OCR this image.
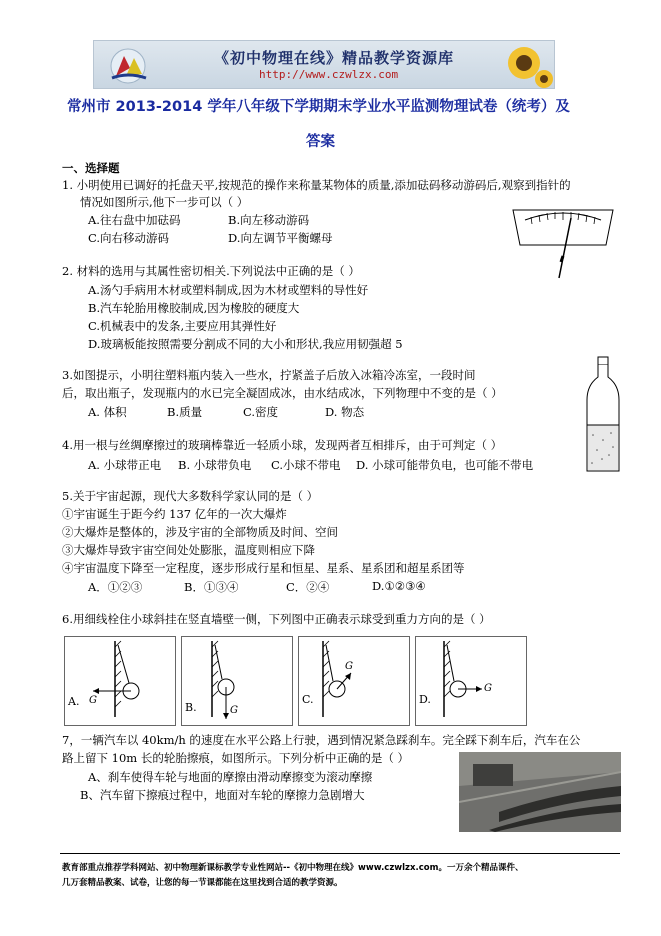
《初中物理在线》精品教学资源库
http://www.czwlzx.com
常州市 2013-2014 学年八年级下学期期末学业水平监测物理试卷（统考）及
答案
一、选择题
1. 小明使用已调好的托盘天平,按规范的操作来称量某物体的质量,添加砝码移动游码后,观察到指针的
情况如图所示,他下一步可以（ ）
A.往右盘中加砝码	B.向左移动游码
C.向右移动游码	D.向左调节平衡螺母
2. 材料的选用与其属性密切相关.下列说法中正确的是（ ）
A.汤勺手病用木材或塑料制成,因为木材或塑料的导性好
B.汽车轮胎用橡胶制成,因为橡胶的硬度大
C.机械表中的发条,主要应用其弹性好
D.玻璃板能按照需要分割成不同的大小和形状,我应用韧强超 5
3.如图提示，小明往塑料瓶内装入一些水，拧紧盖子后放入冰箱冷冻室，一段时间
后，取出瓶子，发现瓶内的水已完全凝固成冰，由水结成冰，下列物理中不变的是（ ）
A. 体积	B.质量	C.密度	D. 物态
4.用一根与丝绸摩擦过的玻璃棒靠近一轻质小球，发现两者互相排斥，由于可判定（ ）
A. 小球带正电 B. 小球带负电 C.小球不带电 D. 小球可能带负电，也可能不带电
5.关于宇宙起源，现代大多数科学家认同的是（ ）
①宇宙诞生于距今约 137 亿年的一次大爆炸
②大爆炸是整体的，涉及宇宙的全部物质及时间、空间
③大爆炸导致宇宙空间处处膨胀，温度则相应下降
④宇宙温度下降至一定程度，逐步形成行星和恒星、星系、星系团和超星系团等
A．①②③	B．①③④	C．②④	D.①②③④
6.用细线栓住小球斜挂在竖直墙壁一侧，下列图中正确表示球受到重力方向的是（ ）
A. G
B.	G
C.
G
D.
G
7，一辆汽车以 40km/h 的速度在水平公路上行驶，遇到情况紧急踩刹车。完全踩下刹车后，汽车在公
路上留下 10m 长的轮胎擦痕，如图所示。下列分析中正确的是（ ）
A、刹车使得车轮与地面的摩擦由滑动摩擦变为滚动摩擦
B、汽车留下擦痕过程中，地面对车轮的摩擦力急剧增大
教育部重点推荐学科网站、初中物理新课标教学专业性网站--《初中物理在线》www.czwlzx.com。一万余个精品课件、
几万套精品教案、试卷，让您的每一节课都能在这里找到合适的教学资源。
